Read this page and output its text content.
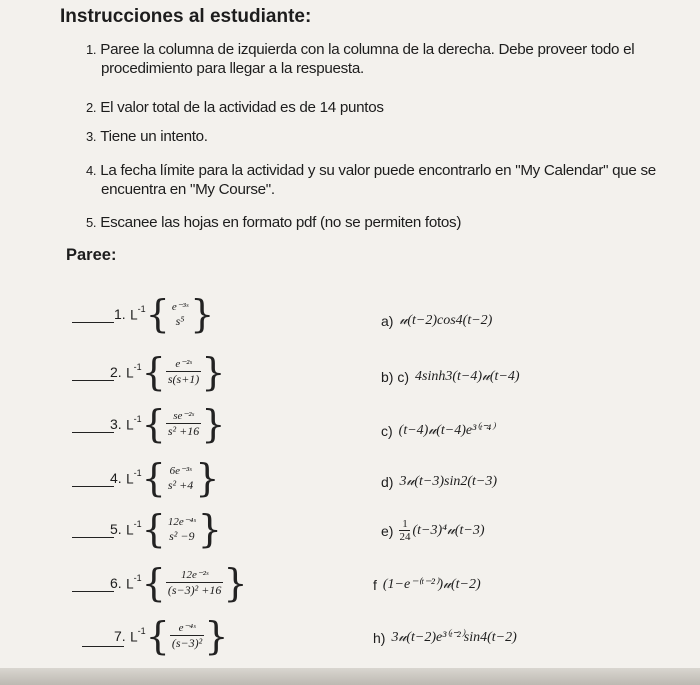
Instrucciones al estudiante:
1. Paree la columna de izquierda con la columna de la derecha. Debe proveer todo el
procedimiento para llegar a la respuesta.
2. El valor total de la actividad es de 14 puntos
3. Tiene un intento.
4. La fecha límite para la actividad y su valor puede encontrarlo en "My Calendar" que se
encuentra en "My Course".
5. Escanee las hojas en formato pdf (no se permiten fotos)
Paree:
1.
$L^{-1}$ { e⁻³ˢ
s⁵ }
2.
$L^{-1}$ { $\frac{\text{e⁻²ˢ}}{s(s+1)}$ }
3.
$L^{-1}$ { $\frac{\text{se⁻²ˢ}}{\text{s² +16}}$ }
4.
$L^{-1}$ { 6e⁻³ˢ
s² +4 }
5.
$L^{-1}$ { 12e⁻⁴ˢ
s² −9 }
6.
$L^{-1}$ { $\frac{\text{12e⁻²ˢ}}{\text{(s−3)² +16}}$ }
7.
$L^{-1}$ { $\frac{\text{e⁻⁴ˢ}}{\text{(s−3)²}}$ }
a) 𝓊(t−2)cos4(t−2)
b) c) 4sinh3(t−4)𝓊(t−4)
c) (t−4)𝓊(t−4)e³⁽ᵗ⁻⁴⁾
d) 3𝓊(t−3)sin2(t−3)
e) 1
24 (t−3)⁴𝓊(t−3)
f (1−e⁻⁽ᵗ⁻²⁾)𝓊(t−2)
h) 3𝓊(t−2)e³⁽ᵗ⁻²⁾sin4(t−2)
